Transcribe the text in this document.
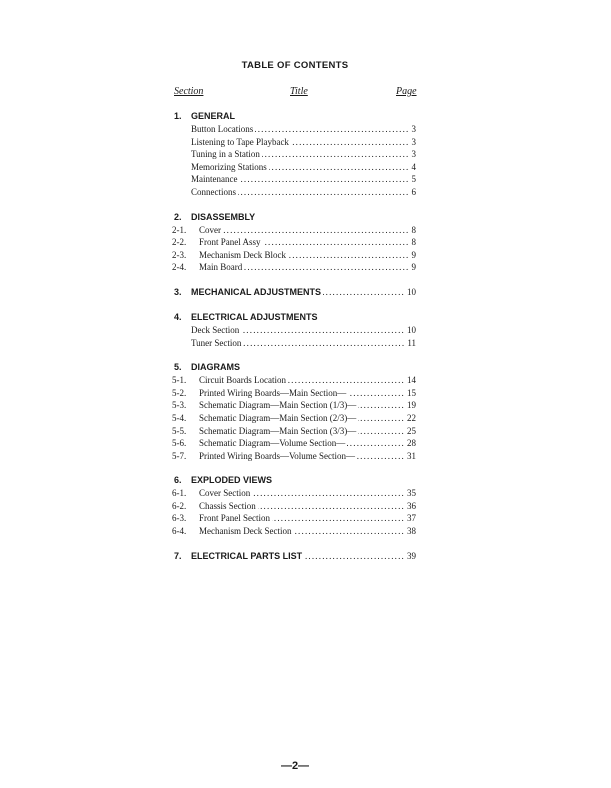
TABLE OF CONTENTS
Section	Title	Page
1.	GENERAL
Button Locations .....	3
Listening to Tape Playback .....	3
Tuning in a Station .....	3
Memorizing Stations .....	4
Maintenance .....	5
Connections .....	6
2.	DISASSEMBLY
2-1.	Cover .....	8
2-2.	Front Panel Assy .....	8
2-3.	Mechanism Deck Block .....	9
2-4.	Main Board .....	9
3.	MECHANICAL ADJUSTMENTS .....	10
4.	ELECTRICAL ADJUSTMENTS
Deck Section .....	10
Tuner Section .....	11
5.	DIAGRAMS
5-1.	Circuit Boards Location .....	14
5-2.	Printed Wiring Boards—Main Section— .....	15
5-3.	Schematic Diagram—Main Section (1/3)— .....	19
5-4.	Schematic Diagram—Main Section (2/3)— .....	22
5-5.	Schematic Diagram—Main Section (3/3)— .....	25
5-6.	Schematic Diagram—Volume Section— .....	28
5-7.	Printed Wiring Boards—Volume Section— .....	31
6.	EXPLODED VIEWS
6-1.	Cover Section .....	35
6-2.	Chassis Section .....	36
6-3.	Front Panel Section .....	37
6-4.	Mechanism Deck Section .....	38
7.	ELECTRICAL PARTS LIST .....	39
—2—
